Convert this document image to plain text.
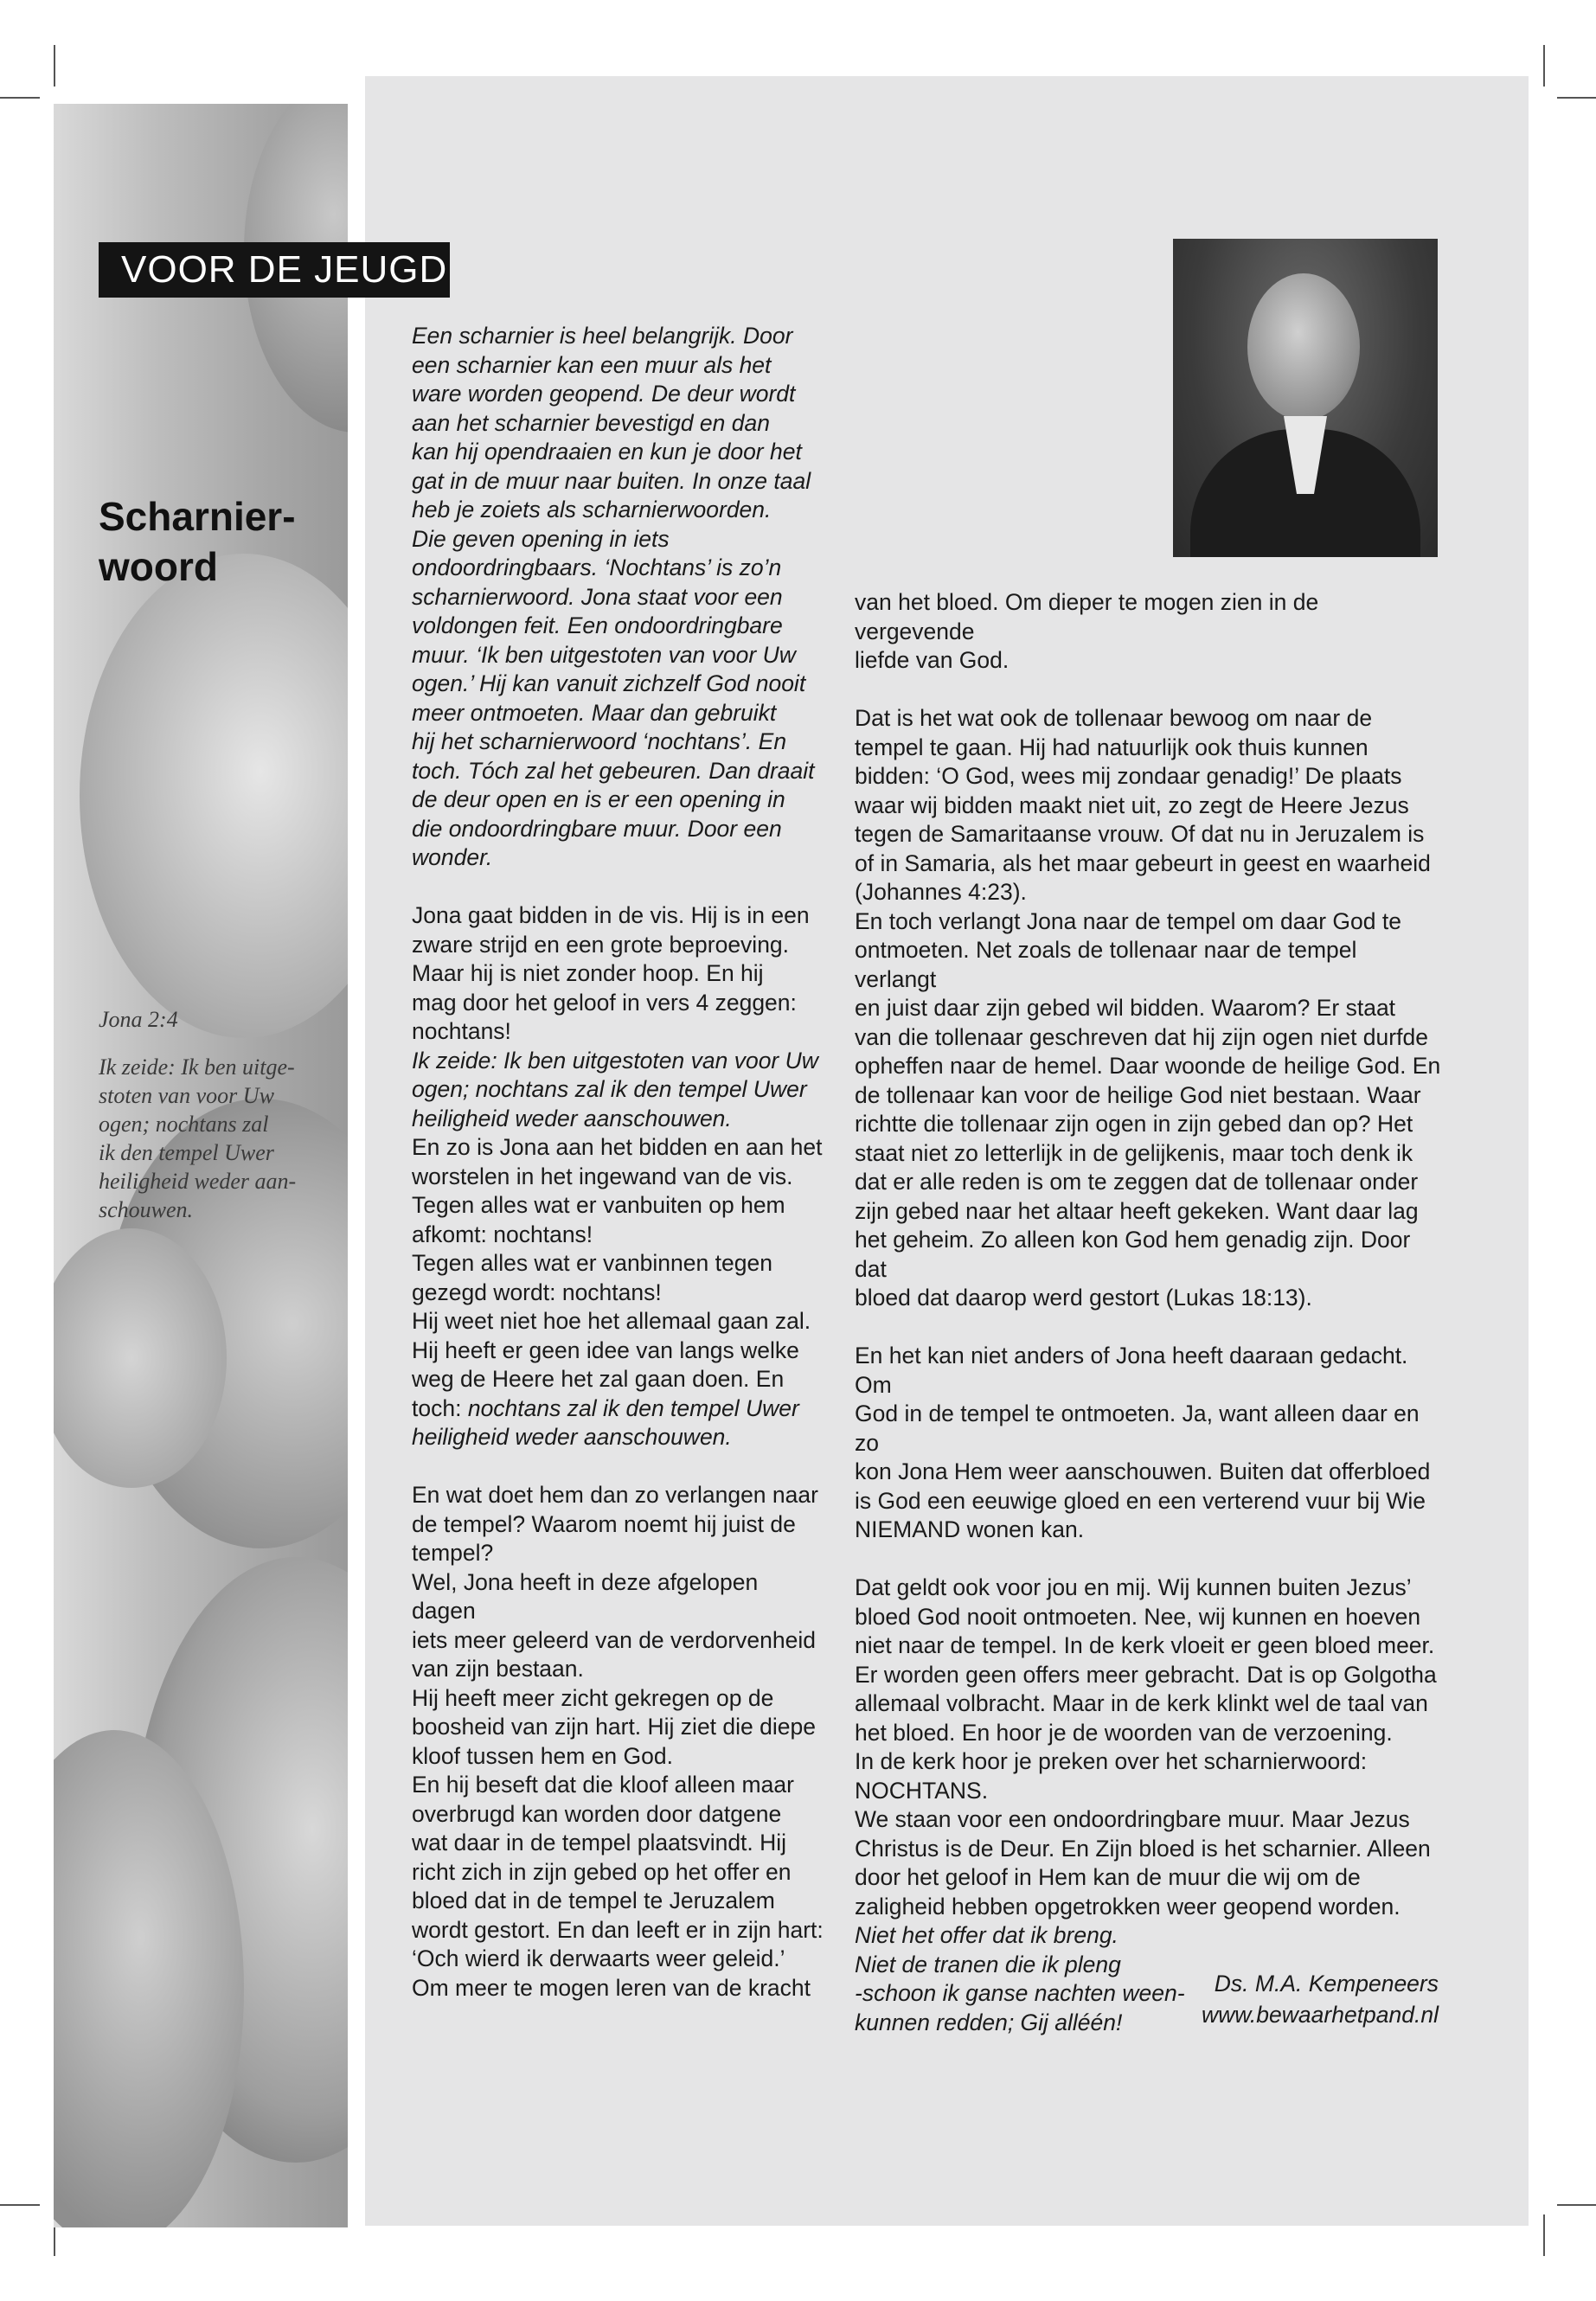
VOOR DE JEUGD
Scharnier-
woord

Jona 2:4

Ik zeide: Ik ben uitge-
stoten van voor Uw
ogen; nochtans zal
ik den tempel Uwer
heiligheid weder aan-
schouwen.

Een scharnier is heel belangrijk. Door
een scharnier kan een muur als het
ware worden geopend. De deur wordt
aan het scharnier bevestigd en dan
kan hij opendraaien en kun je door het
gat in de muur naar buiten. In onze taal
heb je zoiets als scharnierwoorden.
Die geven opening in iets
ondoordringbaars. ‘Nochtans’ is zo’n
scharnierwoord. Jona staat voor een
voldongen feit. Een ondoordringbare
muur. ‘Ik ben uitgestoten van voor Uw
ogen.’ Hij kan vanuit zichzelf God nooit
meer ontmoeten. Maar dan gebruikt
hij het scharnierwoord ‘nochtans’. En
toch. Tóch zal het gebeuren. Dan draait
de deur open en is er een opening in
die ondoordringbare muur. Door een
wonder.

Jona gaat bidden in de vis. Hij is in een
zware strijd en een grote beproeving.
Maar hij is niet zonder hoop. En hij
mag door het geloof in vers 4 zeggen:
nochtans!
Ik zeide: Ik ben uitgestoten van voor Uw
ogen; nochtans zal ik den tempel Uwer
heiligheid weder aanschouwen.
En zo is Jona aan het bidden en aan het
worstelen in het ingewand van de vis.
Tegen alles wat er vanbuiten op hem
afkomt: nochtans!
Tegen alles wat er vanbinnen tegen
gezegd wordt: nochtans!
Hij weet niet hoe het allemaal gaan zal.
Hij heeft er geen idee van langs welke
weg de Heere het zal gaan doen. En
toch: nochtans zal ik den tempel Uwer
heiligheid weder aanschouwen.

En wat doet hem dan zo verlangen naar
de tempel? Waarom noemt hij juist de
tempel?
Wel, Jona heeft in deze afgelopen dagen
iets meer geleerd van de verdorvenheid
van zijn bestaan.
Hij heeft meer zicht gekregen op de
boosheid van zijn hart. Hij ziet die diepe
kloof tussen hem en God.
En hij beseft dat die kloof alleen maar
overbrugd kan worden door datgene
wat daar in de tempel plaatsvindt. Hij
richt zich in zijn gebed op het offer en
bloed dat in de tempel te Jeruzalem
wordt gestort. En dan leeft er in zijn hart:
‘Och wierd ik derwaarts weer geleid.’
Om meer te mogen leren van de kracht

van het bloed. Om dieper te mogen zien in de vergevende
liefde van God.

Dat is het wat ook de tollenaar bewoog om naar de
tempel te gaan. Hij had natuurlijk ook thuis kunnen
bidden: ‘O God, wees mij zondaar genadig!’ De plaats
waar wij bidden maakt niet uit, zo zegt de Heere Jezus
tegen de Samaritaanse vrouw. Of dat nu in Jeruzalem is
of in Samaria, als het maar gebeurt in geest en waarheid
(Johannes 4:23).
En toch verlangt Jona naar de tempel om daar God te
ontmoeten. Net zoals de tollenaar naar de tempel verlangt
en juist daar zijn gebed wil bidden. Waarom? Er staat
van die tollenaar geschreven dat hij zijn ogen niet durfde
opheffen naar de hemel. Daar woonde de heilige God. En
de tollenaar kan voor de heilige God niet bestaan. Waar
richtte die tollenaar zijn ogen in zijn gebed dan op? Het
staat niet zo letterlijk in de gelijkenis, maar toch denk ik
dat er alle reden is om te zeggen dat de tollenaar onder
zijn gebed naar het altaar heeft gekeken. Want daar lag
het geheim. Zo alleen kon God hem genadig zijn. Door dat
bloed dat daarop werd gestort (Lukas 18:13).

En het kan niet anders of Jona heeft daaraan gedacht. Om
God in de tempel te ontmoeten. Ja, want alleen daar en zo
kon Jona Hem weer aanschouwen. Buiten dat offerbloed
is God een eeuwige gloed en een verterend vuur bij Wie
NIEMAND wonen kan.

Dat geldt ook voor jou en mij. Wij kunnen buiten Jezus’
bloed God nooit ontmoeten. Nee, wij kunnen en hoeven
niet naar de tempel. In de kerk vloeit er geen bloed meer.
Er worden geen offers meer gebracht. Dat is op Golgotha
allemaal volbracht. Maar in de kerk klinkt wel de taal van
het bloed. En hoor je de woorden van de verzoening.
In de kerk hoor je preken over het scharnierwoord:
NOCHTANS.
We staan voor een ondoordringbare muur. Maar Jezus
Christus is de Deur. En Zijn bloed is het scharnier. Alleen
door het geloof in Hem kan de muur die wij om de
zaligheid hebben opgetrokken weer geopend worden.
Niet het offer dat ik breng.
Niet de tranen die ik pleng
-schoon ik ganse nachten ween-
kunnen redden; Gij alléén!

Ds. M.A. Kempeneers
www.bewaarhetpand.nl
